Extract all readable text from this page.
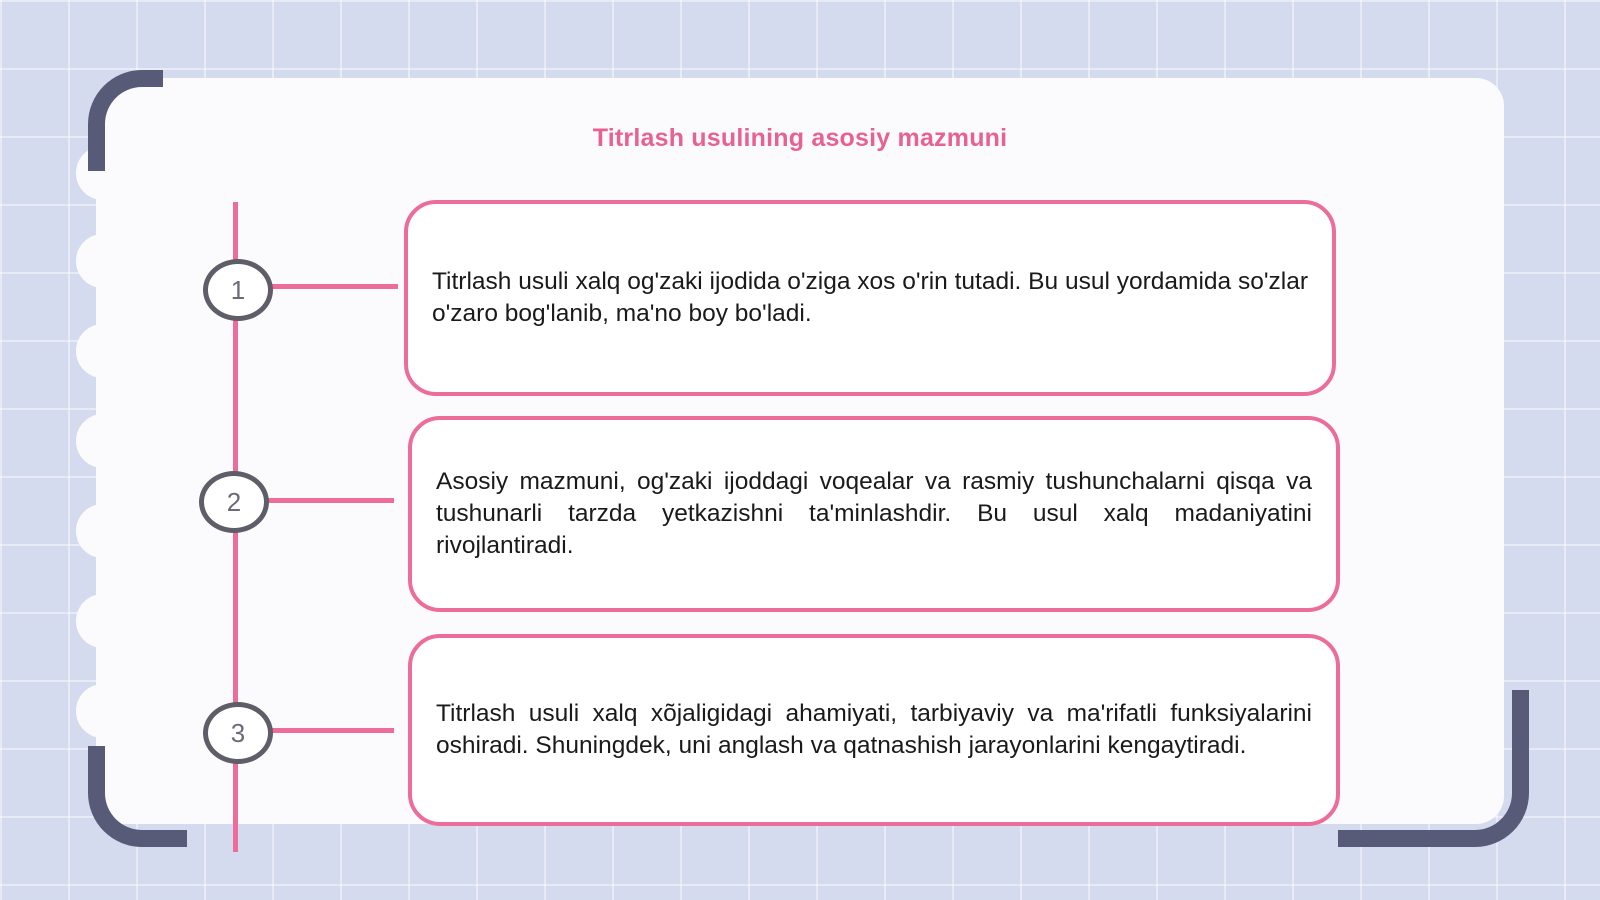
Titrlash usulining asosiy mazmuni
1	Titrlash usuli xalq og'zaki ijodida o'ziga xos o'rin tutadi. Bu usul yordamida so'zlar o'zaro bog'lanib, ma'no boy bo'ladi.

2

Asosiy mazmuni, og'zaki ijoddagi voqealar va rasmiy tushunchalarni qisqa va tushunarli tarzda yetkazishni ta'minlashdir. Bu usul xalq madaniyatini rivojlantiradi.

3

Titrlash usuli xalq xõjaligidagi ahamiyati, tarbiyaviy va ma'rifatli funksiyalarini oshiradi. Shuningdek, uni anglash va qatnashish jarayonlarini kengaytiradi.
